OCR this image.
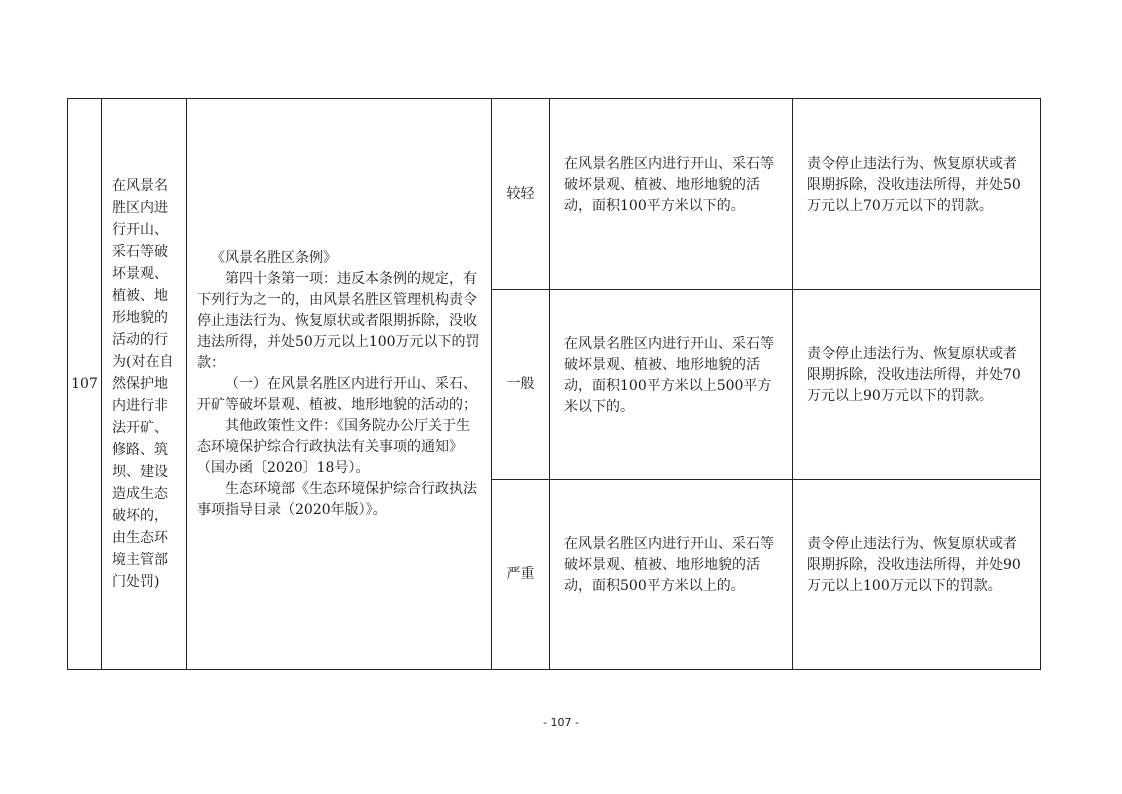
107	在风景名胜区内进行开山、采石等破坏景观、植被、地形地貌的活动的行为(对在自然保护地内进行非法开矿、修路、筑坝、建设造成生态破坏的，由生态环境主管部门处罚)	《风景名胜区条例》

第四十条第一项：违反本条例的规定，有下列行为之一的，由风景名胜区管理机构责令停止违法行为、恢复原状或者限期拆除，没收违法所得，并处50万元以上100万元以下的罚款：

（一）在风景名胜区内进行开山、采石、开矿等破坏景观、植被、地形地貌的活动的；

其他政策性文件：《国务院办公厅关于生态环境保护综合行政执法有关事项的通知》（国办函〔2020〕18号）。

生态环境部《生态环境保护综合行政执法事项指导目录（2020年版）》。	较轻	在风景名胜区内进行开山、采石等破坏景观、植被、地形地貌的活动，面积100平方米以下的。	责令停止违法行为、恢复原状或者限期拆除，没收违法所得，并处50万元以上70万元以下的罚款。

			一般	在风景名胜区内进行开山、采石等破坏景观、植被、地形地貌的活动，面积100平方米以上500平方米以下的。	责令停止违法行为、恢复原状或者限期拆除，没收违法所得，并处70万元以上90万元以下的罚款。

			严重	在风景名胜区内进行开山、采石等破坏景观、植被、地形地貌的活动，面积500平方米以上的。	责令停止违法行为、恢复原状或者限期拆除，没收违法所得，并处90万元以上100万元以下的罚款。
- 107 -
